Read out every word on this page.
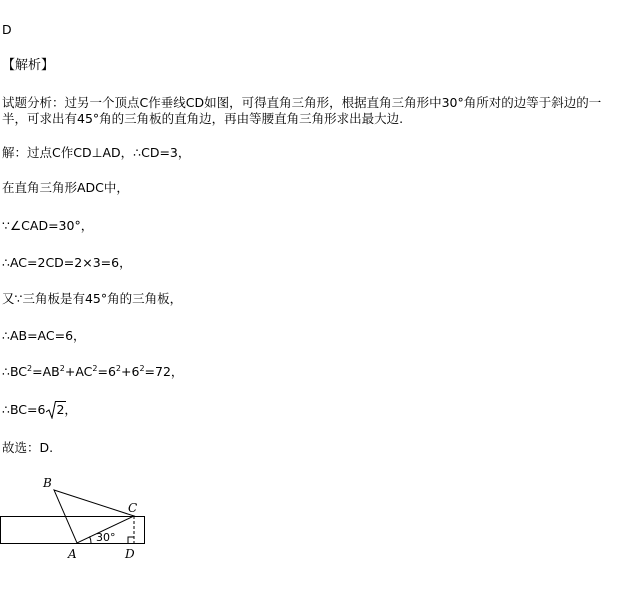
D
【解析】
试题分析：过另一个顶点C作垂线CD如图，可得直角三角形，根据直角三角形中30°角所对的边等于斜边的一半，可求出有45°角的三角板的直角边，再由等腰直角三角形求出最大边.
解：过点C作CD⊥AD，∴CD=3，
在直角三角形ADC中，
∵∠CAD=30°，
∴AC=2CD=2×3=6，
又∵三角板是有45°角的三角板，
∴AB=AC=6，
$\therefore BC^2=AB^2+AC^2=6^2+6^2=72$，
∴BC=6 2，
故选：D.
B
C
A	D
30°
